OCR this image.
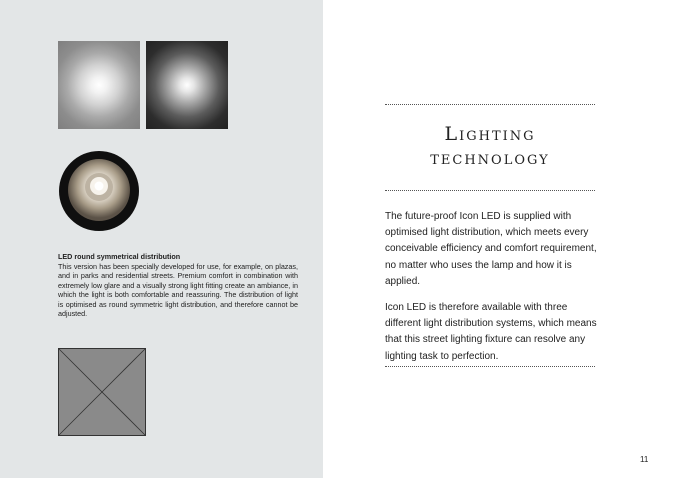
LED round symmetrical distribution
This version has been specially developed for use, for example, on plazas, and in parks and residential streets. Premium comfort in combination with extremely low glare and a visually strong light fitting create an ambiance, in which the light is both comfortable and reassuring. The distribution of light is optimised as round symmetric light distribution, and therefore cannot be adjusted.
Lighting
technology

The future-proof Icon LED is supplied with optimised light distribution, which meets every conceivable efficiency and comfort requirement, no matter who uses the lamp and how it is applied.

Icon LED is therefore available with three different light distribution systems, which means that this street lighting fixture can resolve any lighting task to perfection.

11
